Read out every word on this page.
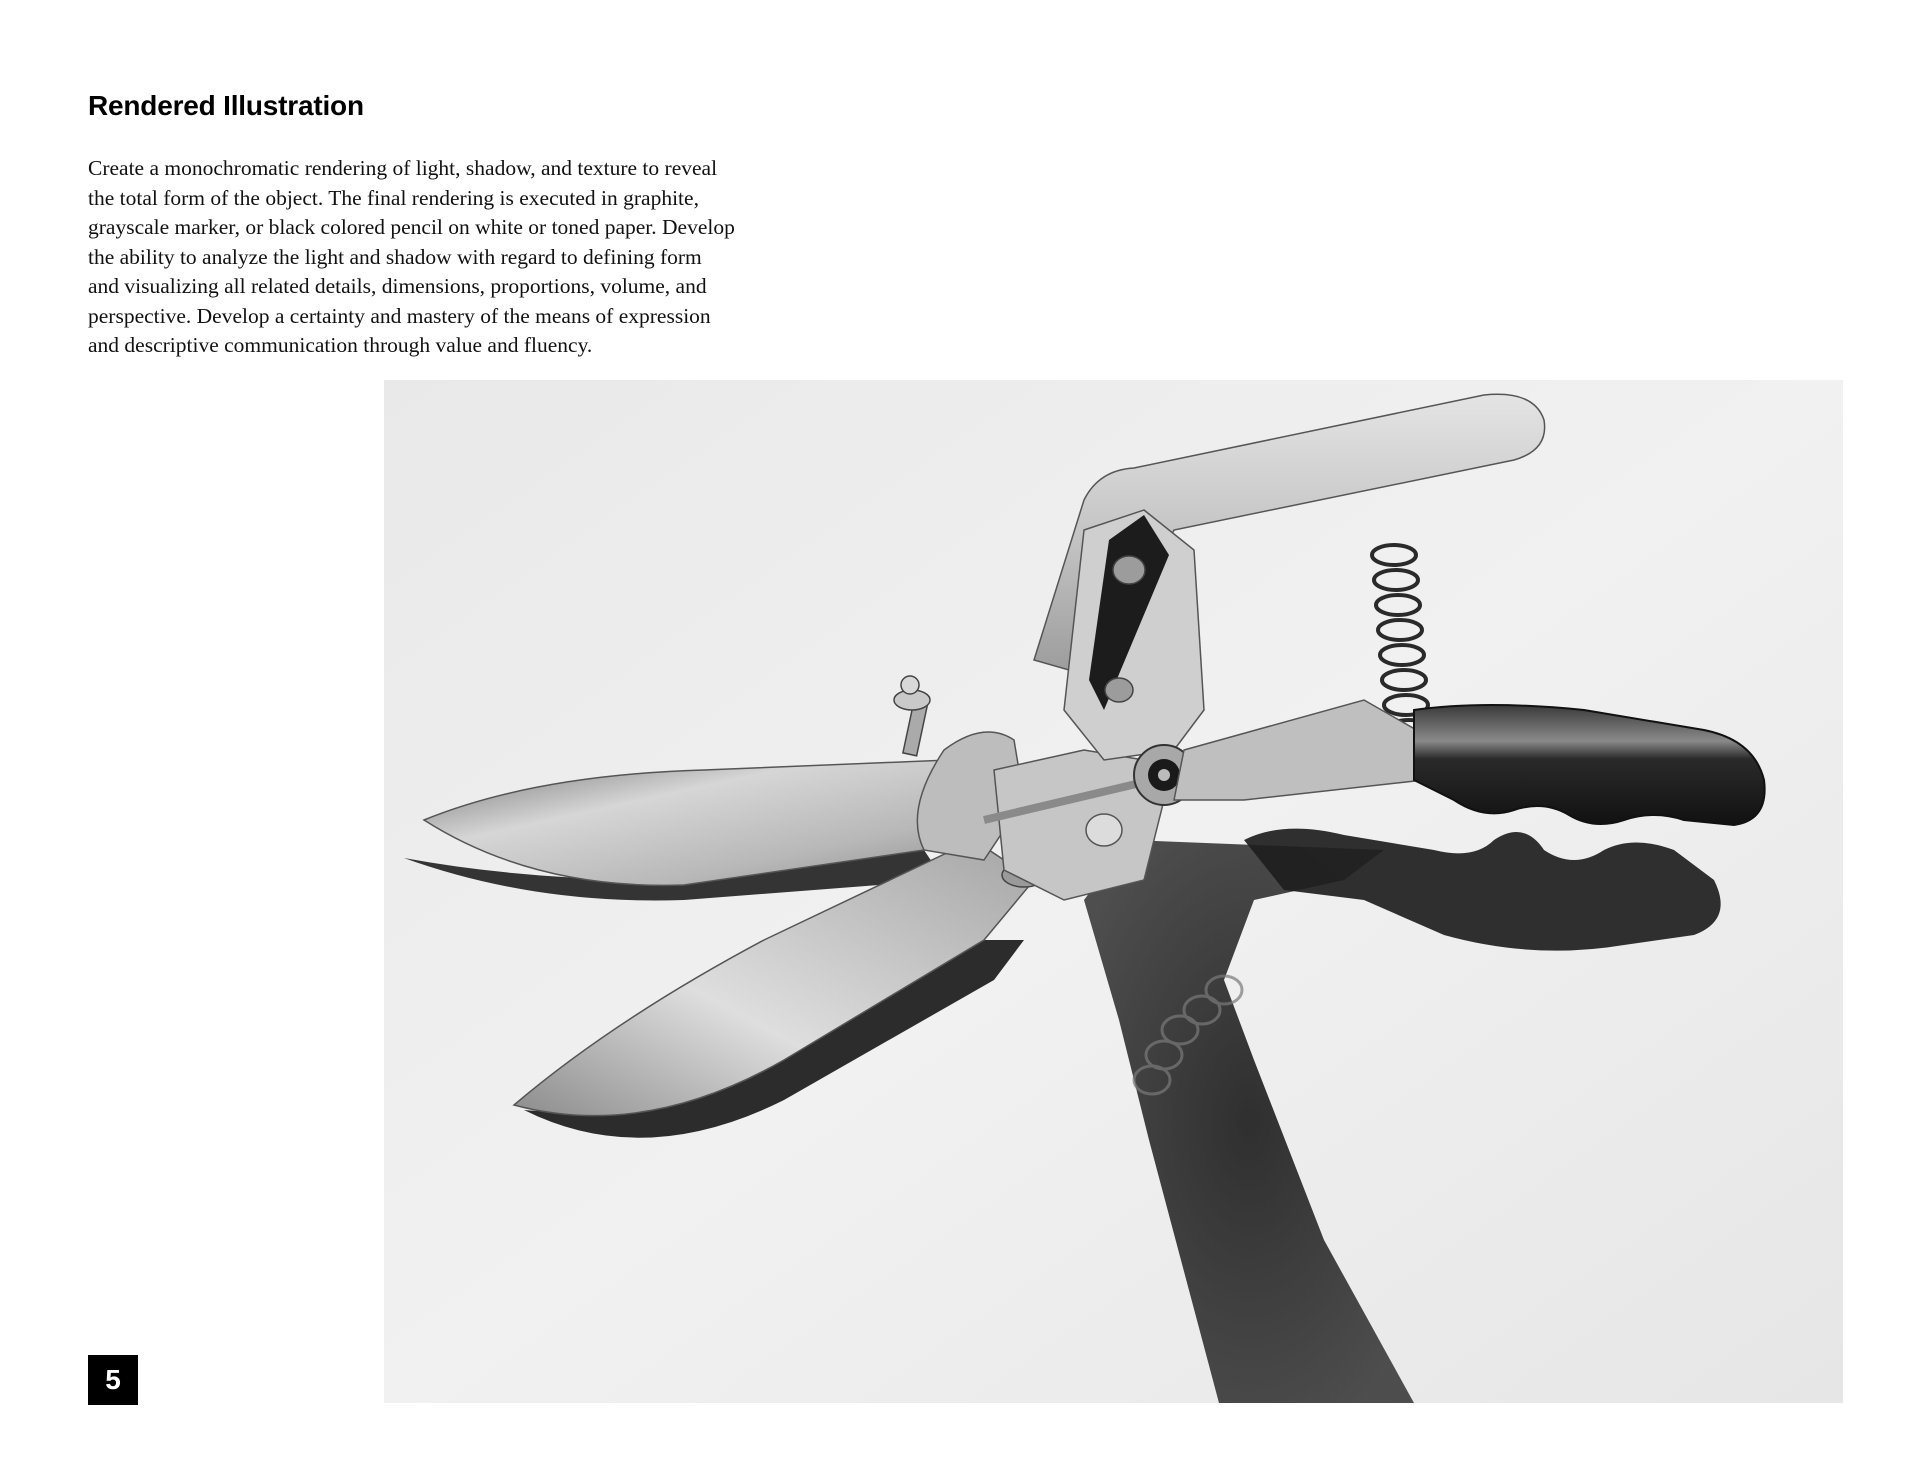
Rendered Illustration
Create a monochromatic rendering of light, shadow, and texture to reveal
the total form of the object. The final rendering is executed in graphite,
grayscale marker, or black colored pencil on white or toned paper. Develop
the ability to analyze the light and shadow with regard to defining form
and visualizing all related details, dimensions, proportions, volume, and
perspective. Develop a certainty and mastery of the means of expression
and descriptive communication through value and fluency.
5
